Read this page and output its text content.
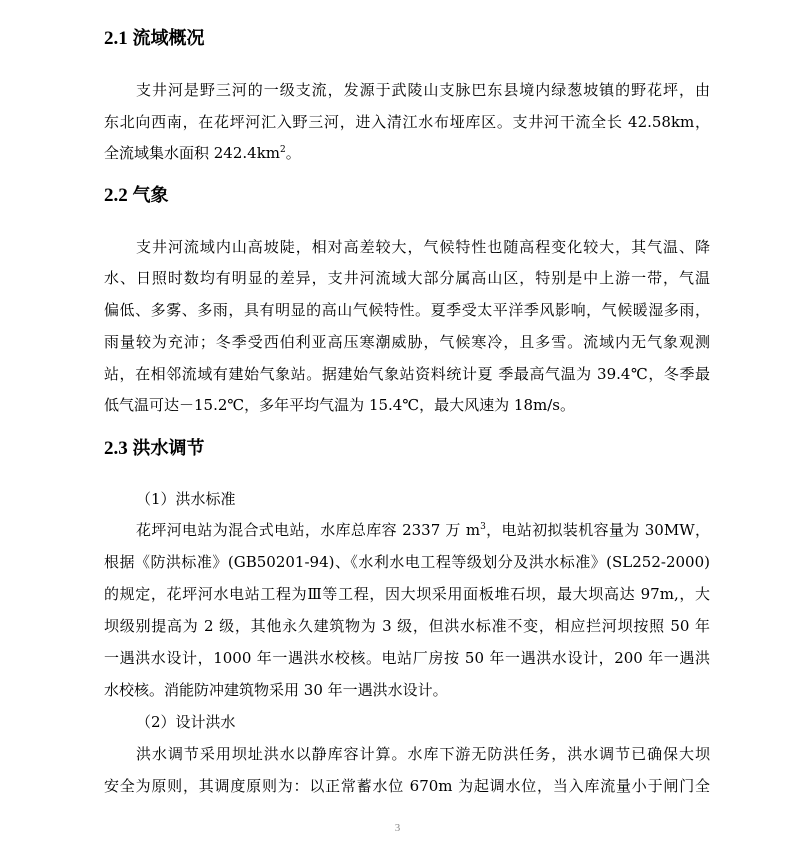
2.1 流域概况

支井河是野三河的一级支流，发源于武陵山支脉巴东县境内绿葱坡镇的野花坪，由

东北向西南，在花坪河汇入野三河，进入清江水布垭库区。支井河干流全长 42.58km，

全流域集水面积 $242.4km^2$。

2.2 气象

支井河流域内山高坡陡，相对高差较大，气候特性也随高程变化较大，其气温、降

水、日照时数均有明显的差异，支井河流域大部分属高山区，特别是中上游一带，气温

偏低、多雾、多雨，具有明显的高山气候特性。夏季受太平洋季风影响，气候暖湿多雨，

雨量较为充沛；冬季受西伯利亚高压寒潮威胁，气候寒冷，且多雪。流域内无气象观测

站，在相邻流域有建始气象站。据建始气象站资料统计夏 季最高气温为 39.4℃，冬季最

低气温可达－15.2℃，多年平均气温为 15.4℃，最大风速为 18m/s。

2.3 洪水调节

（1）洪水标准

花坪河电站为混合式电站，水库总库容 2337 万 $m^3$，电站初拟装机容量为 30MW，

根据《防洪标准》(GB50201-94)、《水利水电工程等级划分及洪水标准》(SL252-2000)

的规定，花坪河水电站工程为Ⅲ等工程，因大坝采用面板堆石坝，最大坝高达 97m,，大

坝级别提高为 2 级，其他永久建筑物为 3 级，但洪水标准不变，相应拦河坝按照 50 年

一遇洪水设计，1000 年一遇洪水校核。电站厂房按 50 年一遇洪水设计，200 年一遇洪

水校核。消能防冲建筑物采用 30 年一遇洪水设计。

（2）设计洪水

洪水调节采用坝址洪水以静库容计算。水库下游无防洪任务，洪水调节已确保大坝

安全为原则，其调度原则为：以正常蓄水位 670m 为起调水位，当入库流量小于闸门全

3
